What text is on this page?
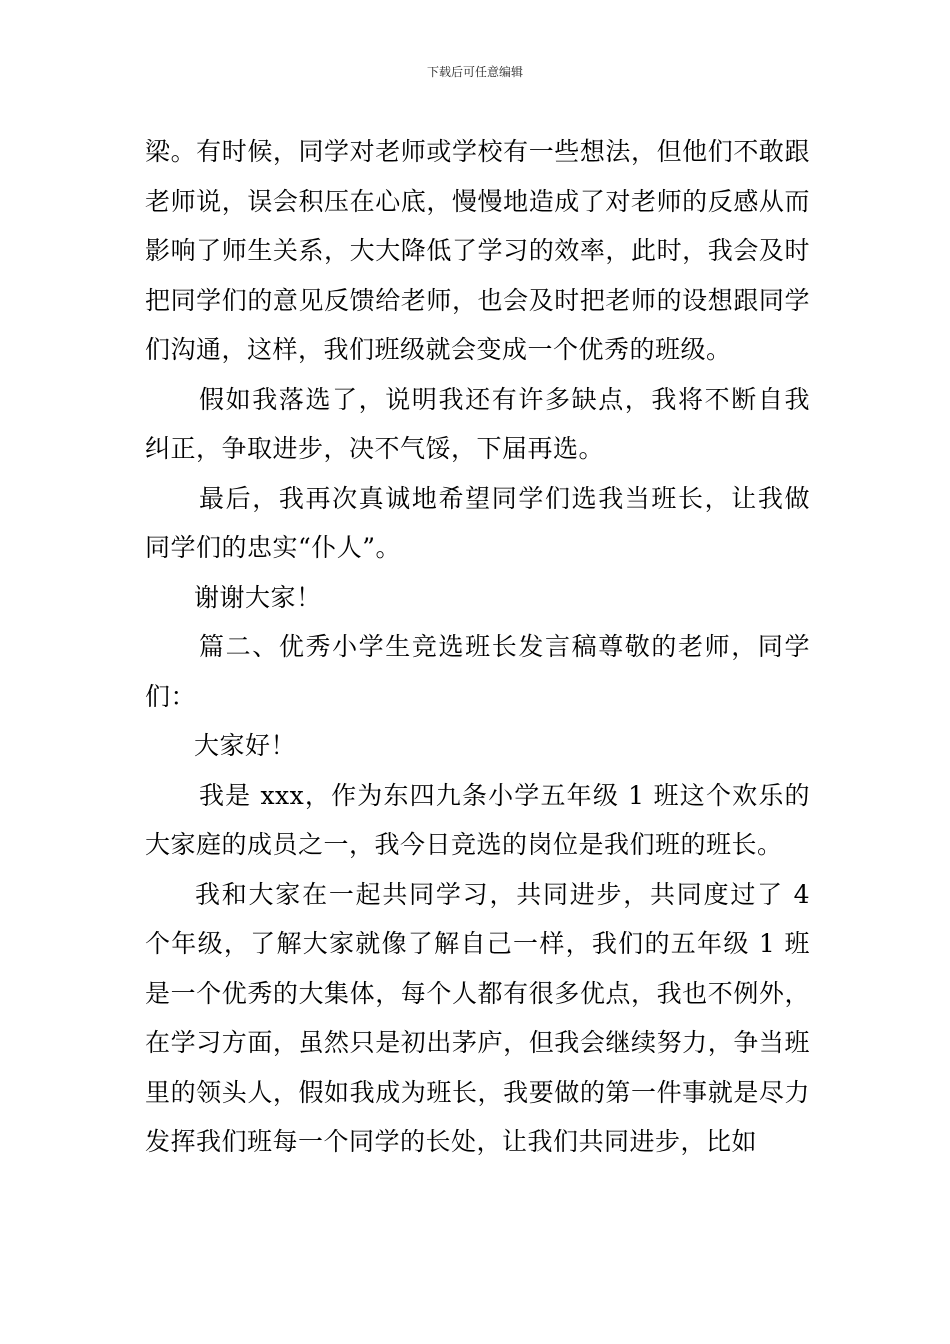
下载后可任意编辑

梁。有时候，同学对老师或学校有一些想法，但他们不敢跟老师说，误会积压在心底，慢慢地造成了对老师的反感从而影响了师生关系，大大降低了学习的效率，此时，我会及时把同学们的意见反馈给老师，也会及时把老师的设想跟同学们沟通，这样，我们班级就会变成一个优秀的班级。

假如我落选了，说明我还有许多缺点，我将不断自我纠正，争取进步，决不气馁，下届再选。

最后，我再次真诚地希望同学们选我当班长，让我做同学们的忠实“仆人”。

谢谢大家！

篇二、优秀小学生竞选班长发言稿尊敬的老师，同学们：

大家好！

我是 xxx，作为东四九条小学五年级 1 班这个欢乐的大家庭的成员之一，我今日竞选的岗位是我们班的班长。

我和大家在一起共同学习，共同进步，共同度过了 4 个年级，了解大家就像了解自己一样，我们的五年级 1 班是一个优秀的大集体，每个人都有很多优点，我也不例外，在学习方面，虽然只是初出茅庐，但我会继续努力，争当班里的领头人，假如我成为班长，我要做的第一件事就是尽力发挥我们班每一个同学的长处，让我们共同进步，比如
